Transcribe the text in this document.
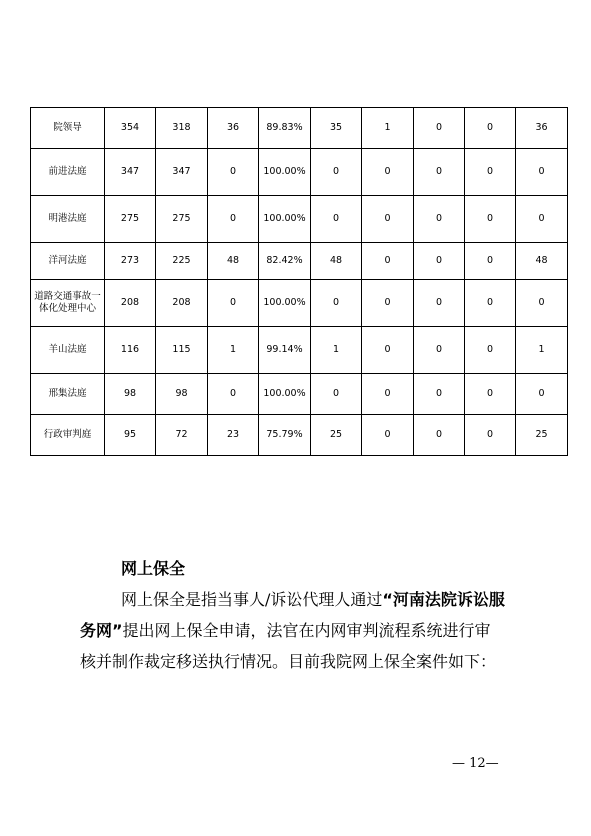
院领导	354	318	36	89.83%	35	1	0	0	36
前进法庭	347	347	0	100.00%	0	0	0	0	0
明港法庭	275	275	0	100.00%	0	0	0	0	0
洋河法庭	273	225	48	82.42%	48	0	0	0	48
道路交通事故一体化处理中心	208	208	0	100.00%	0	0	0	0	0
羊山法庭	116	115	1	99.14%	1	0	0	0	1
邢集法庭	98	98	0	100.00%	0	0	0	0	0
行政审判庭	95	72	23	75.79%	25	0	0	0	25
网上保全
网上保全是指当事人/诉讼代理人通过“河南法院诉讼服
务网”提出网上保全申请，法官在内网审判流程系统进行审
核并制作裁定移送执行情况。目前我院网上保全案件如下：
— 12—
